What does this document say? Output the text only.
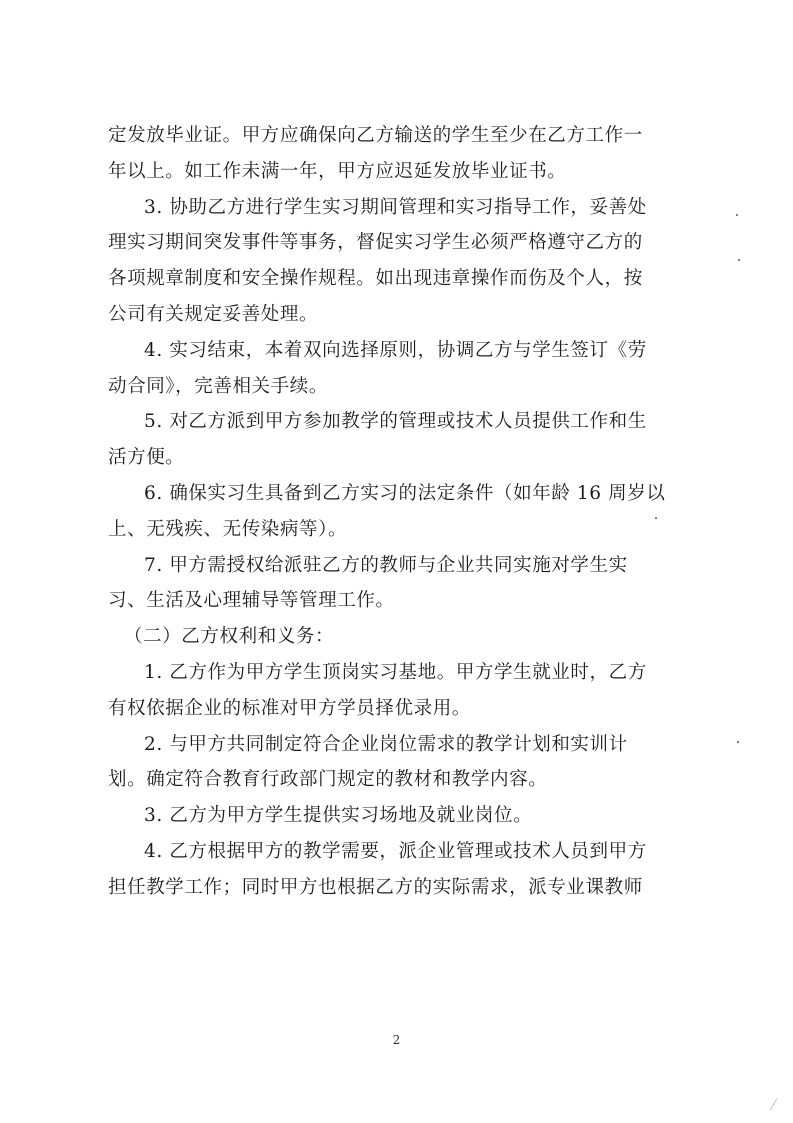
定发放毕业证。甲方应确保向乙方输送的学生至少在乙方工作一
年以上。如工作未满一年，甲方应迟延发放毕业证书。
3. 协助乙方进行学生实习期间管理和实习指导工作，妥善处
理实习期间突发事件等事务，督促实习学生必须严格遵守乙方的
各项规章制度和安全操作规程。如出现违章操作而伤及个人，按
公司有关规定妥善处理。
4. 实习结束，本着双向选择原则，协调乙方与学生签订《劳
动合同》，完善相关手续。
5. 对乙方派到甲方参加教学的管理或技术人员提供工作和生
活方便。
6. 确保实习生具备到乙方实习的法定条件（如年龄 16 周岁以
上、无残疾、无传染病等）。
7. 甲方需授权给派驻乙方的教师与企业共同实施对学生实
习、生活及心理辅导等管理工作。
（二）乙方权利和义务：
1. 乙方作为甲方学生顶岗实习基地。甲方学生就业时，乙方
有权依据企业的标准对甲方学员择优录用。
2. 与甲方共同制定符合企业岗位需求的教学计划和实训计
划。确定符合教育行政部门规定的教材和教学内容。
3. 乙方为甲方学生提供实习场地及就业岗位。
4. 乙方根据甲方的教学需要，派企业管理或技术人员到甲方
担任教学工作；同时甲方也根据乙方的实际需求，派专业课教师
2
